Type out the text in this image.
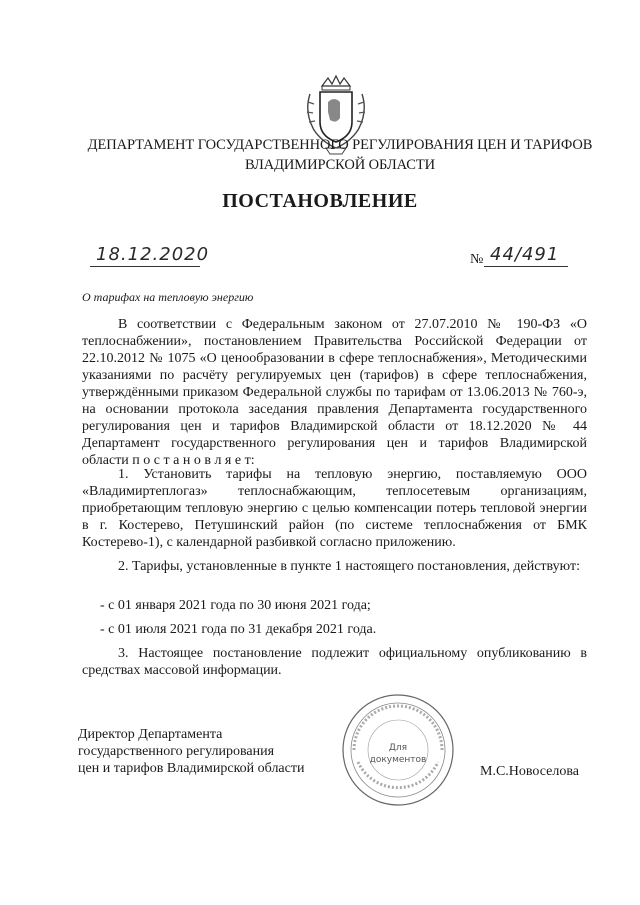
ДЕПАРТАМЕНТ ГОСУДАРСТВЕННОГО РЕГУЛИРОВАНИЯ ЦЕН И ТАРИФОВ
ВЛАДИМИРСКОЙ ОБЛАСТИ
ПОСТАНОВЛЕНИЕ
18.12.2020	№ 44/491
О тарифах на тепловую энергию
В соответствии с Федеральным законом от 27.07.2010 № 190-ФЗ «О теплоснабжении», постановлением Правительства Российской Федерации от 22.10.2012 № 1075 «О ценообразовании в сфере теплоснабжения», Методическими указаниями по расчёту регулируемых цен (тарифов) в сфере теплоснабжения, утверждёнными приказом Федеральной службы по тарифам от 13.06.2013 № 760-э, на основании протокола заседания правления Департамента государственного регулирования цен и тарифов Владимирской области от 18.12.2020 № 44 Департамент государственного регулирования цен и тарифов Владимирской области п о с т а н о в л я е т:
1. Установить тарифы на тепловую энергию, поставляемую ООО «Владимиртеплогаз» теплоснабжающим, теплосетевым организациям, приобретающим тепловую энергию с целью компенсации потерь тепловой энергии в г. Костерево, Петушинский район (по системе теплоснабжения от БМК Костерево-1), с календарной разбивкой согласно приложению.
2. Тарифы, установленные в пункте 1 настоящего постановления, действуют:
- с 01 января 2021 года по 30 июня 2021 года;
- с 01 июля 2021 года по 31 декабря 2021 года.
3. Настоящее постановление подлежит официальному опубликованию в средствах массовой информации.
Директор Департамента
государственного регулирования
цен и тарифов Владимирской области
Для
документов
М.С.Новоселова
